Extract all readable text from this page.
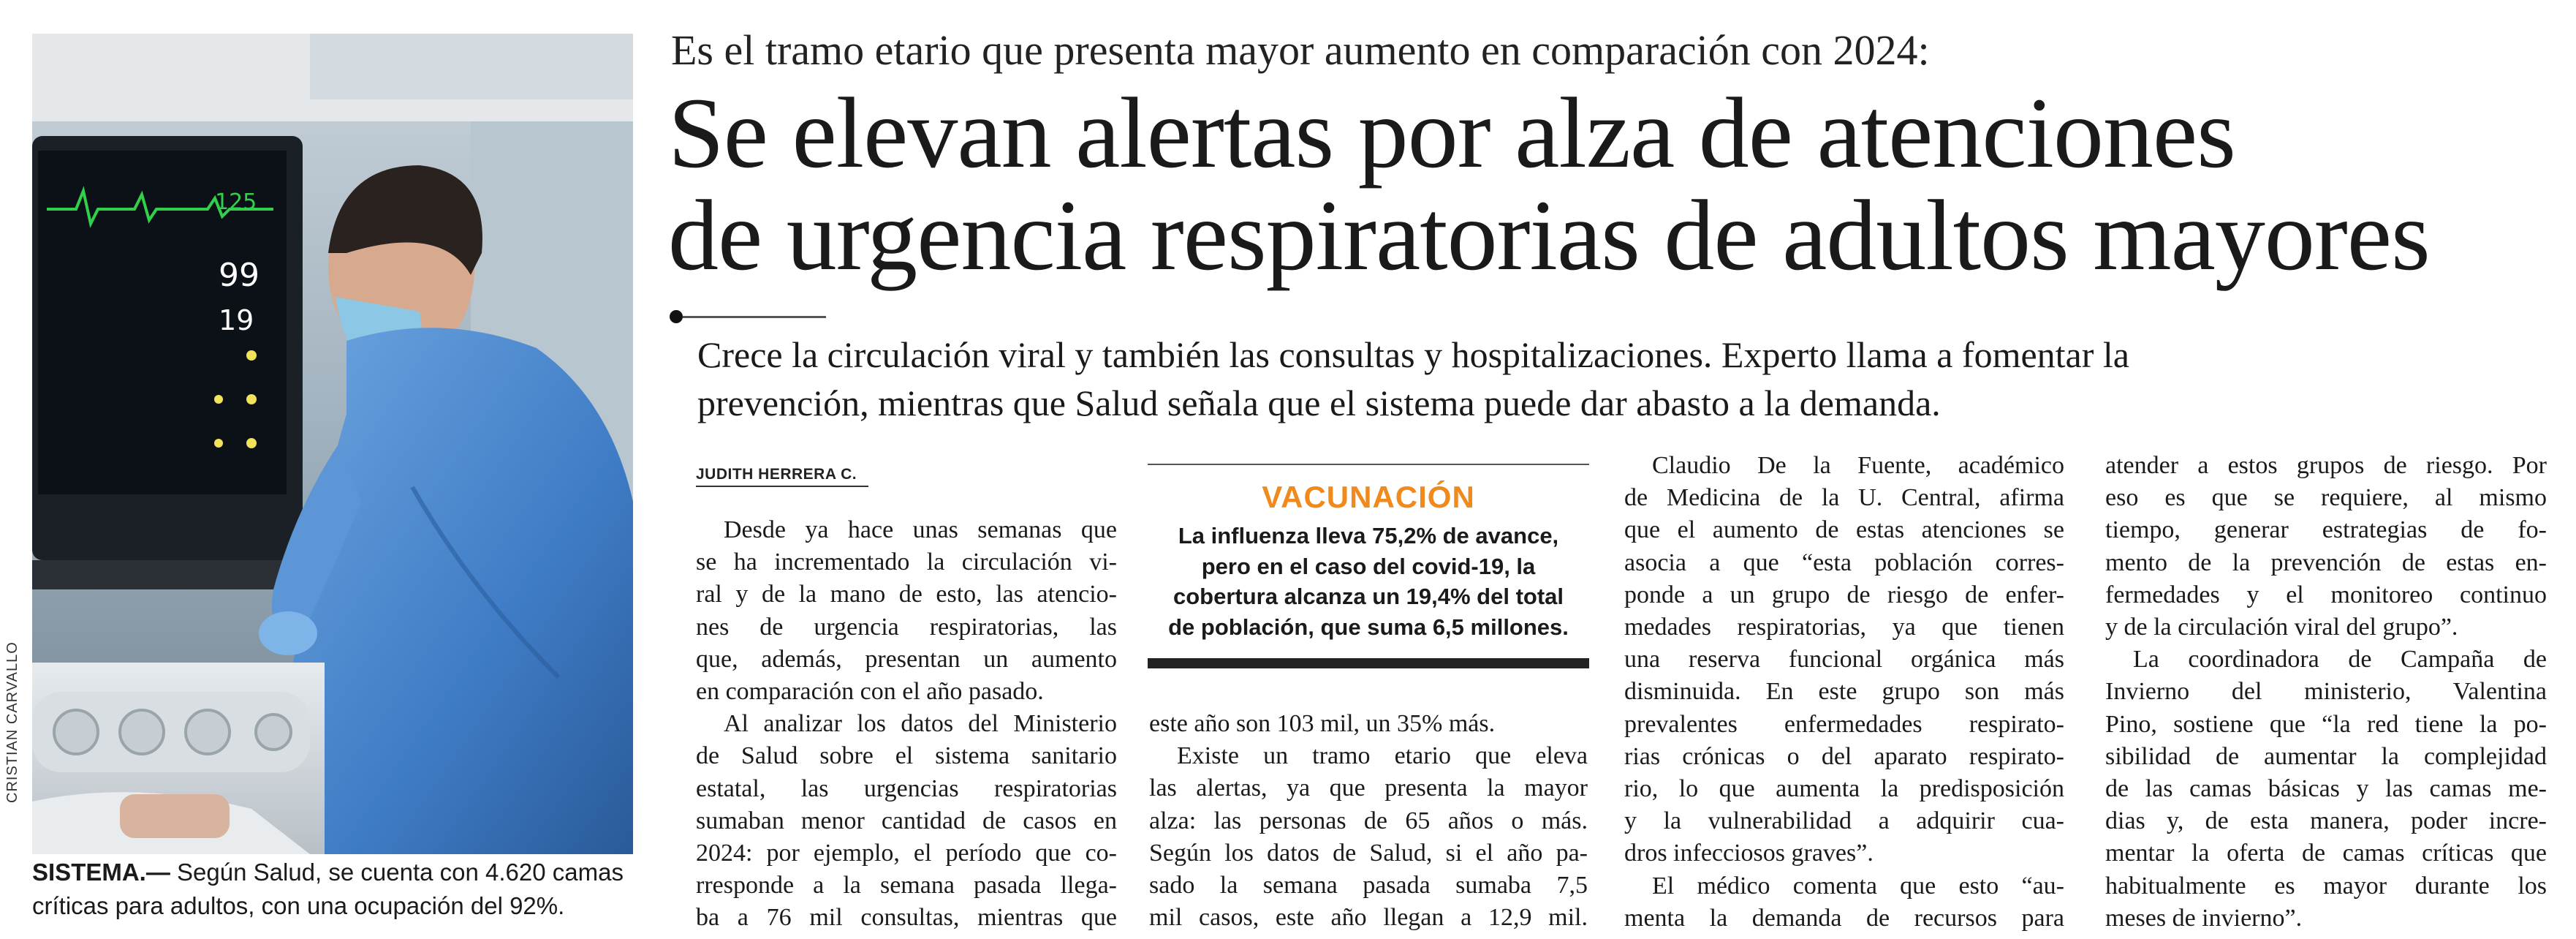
125
99
19
CRISTIAN CARVALLO
SISTEMA.— Según Salud, se cuenta con 4.620 camas
críticas para adultos, con una ocupación del 92%.
Es el tramo etario que presenta mayor aumento en comparación con 2024:
Se elevan alertas por alza de atenciones
de urgencia respiratorias de adultos mayores
Crece la circulación viral y también las consultas y hospitalizaciones. Experto llama a fomentar la
prevención, mientras que Salud señala que el sistema puede dar abasto a la demanda.
JUDITH HERRERA C.

Desde ya hace unas semanas que

se ha incrementado la circulación vi-

ral y de la mano de esto, las atencio-

nes de urgencia respiratorias, las

que, además, presentan un aumento

en comparación con el año pasado.

Al analizar los datos del Ministerio

de Salud sobre el sistema sanitario

estatal, las urgencias respiratorias

sumaban menor cantidad de casos en

2024: por ejemplo, el período que co-

rresponde a la semana pasada llega-

ba a 76 mil consultas, mientras que

VACUNACIÓN
La influenza lleva 75,2% de avance,
pero en el caso del covid-19, la
cobertura alcanza un 19,4% del total
de población, que suma 6,5 millones.

este año son 103 mil, un 35% más.

Existe un tramo etario que eleva

las alertas, ya que presenta la mayor

alza: las personas de 65 años o más.

Según los datos de Salud, si el año pa-

sado la semana pasada sumaba 7,5

mil casos, este año llegan a 12,9 mil.

Claudio De la Fuente, académico

de Medicina de la U. Central, afirma

que el aumento de estas atenciones se

asocia a que “esta población corres-

ponde a un grupo de riesgo de enfer-

medades respiratorias, ya que tienen

una reserva funcional orgánica más

disminuida. En este grupo son más

prevalentes enfermedades respirato-

rias crónicas o del aparato respirato-

rio, lo que aumenta la predisposición

y la vulnerabilidad a adquirir cua-

dros infecciosos graves”.

El médico comenta que esto “au-

menta la demanda de recursos para

atender a estos grupos de riesgo. Por

eso es que se requiere, al mismo

tiempo, generar estrategias de fo-

mento de la prevención de estas en-

fermedades y el monitoreo continuo

y de la circulación viral del grupo”.

La coordinadora de Campaña de

Invierno del ministerio, Valentina

Pino, sostiene que “la red tiene la po-

sibilidad de aumentar la complejidad

de las camas básicas y las camas me-

dias y, de esta manera, poder incre-

mentar la oferta de camas críticas que

habitualmente es mayor durante los

meses de invierno”.
